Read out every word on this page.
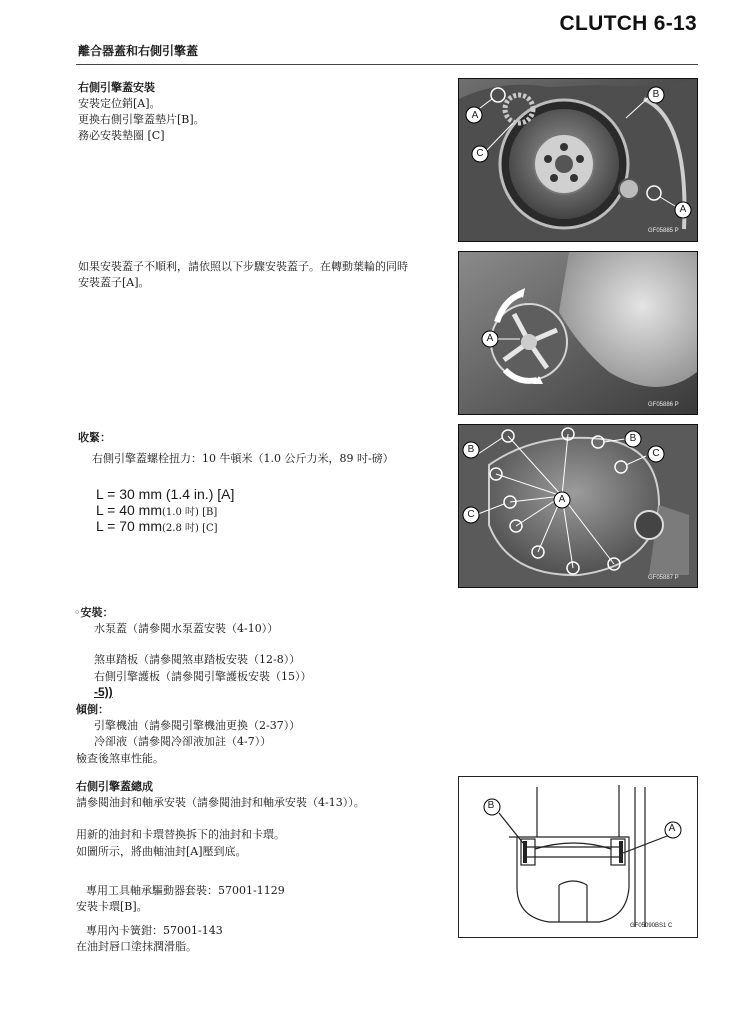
CLUTCH 6-13
離合器蓋和右側引擎蓋
右側引擎蓋安裝
安裝定位銷[A]。
更換右側引擎蓋墊片[B]。
務必安裝墊圈 [C]
如果安裝蓋子不順利，請依照以下步驟安裝蓋子。在轉動葉輪的同時
安裝蓋子[A]。
收緊：
右側引擎蓋螺栓扭力：10 牛頓米（1.0 公斤力米，89 吋-磅）
L = 30 mm (1.4 in.) [A]
L = 40 mm(1.0 吋) [B]
L = 70 mm(2.8 吋) [C]
◦安裝：
水泵蓋（請參閱水泵蓋安裝（4-10））
煞車踏板（請參閱煞車踏板安裝（12-8））
右側引擎護板（請參閱引擎護板安裝（15））
-5))
傾倒：
引擎機油（請參閱引擎機油更換（2-37））
冷卻液（請參閱冷卻液加註（4-7））
檢查後煞車性能。
右側引擎蓋總成
請參閱油封和軸承安裝（請參閱油封和軸承安裝（4-13））。
用新的油封和卡環替換拆下的油封和卡環。
如圖所示，將曲軸油封[A]壓到底。
專用工具軸承驅動器套裝：57001-1129
安裝卡環[B]。
專用內卡簧鉗：57001-143
在油封唇口塗抹潤滑脂。
A
B
C
A
GF05885 P
A
GF05886 P
B
B	C
C
A
GF05887 P
B
A
GF05090BS1 C
